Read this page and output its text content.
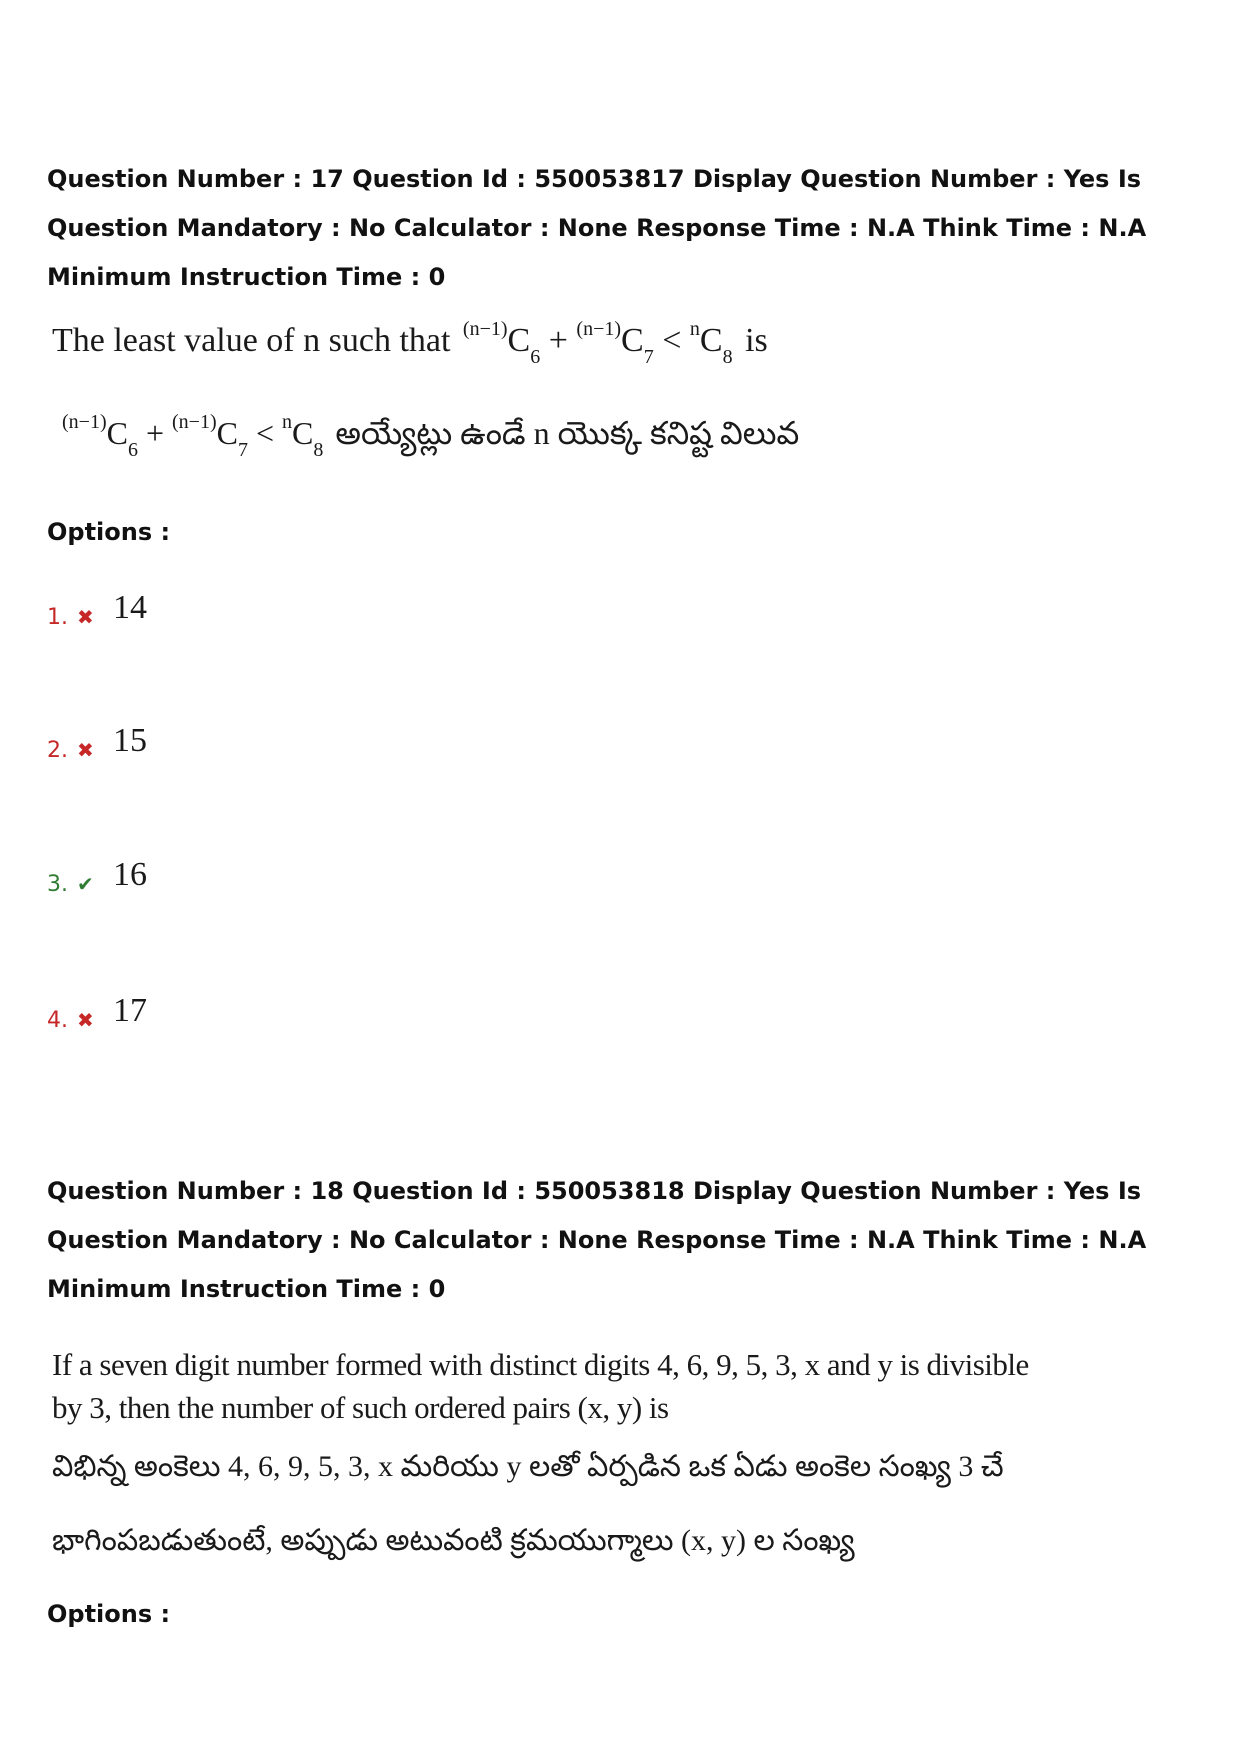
Question Number : 17 Question Id : 550053817 Display Question Number : Yes Is Question Mandatory : No Calculator : None Response Time : N.A Think Time : N.A Minimum Instruction Time : 0
The least value of n such that $^{(n-1)}C_6 + ^{(n-1)}C_7 < ^nC_8$ is
$^{(n-1)}C_6 + ^{(n-1)}C_7 < ^nC_8$ అయ్యేట్లు ఉండే n యొక్క కనిష్ట విలువ
Options :
1. ✖ 14
2. ✖ 15
3. ✔ 16
4. ✖ 17
Question Number : 18 Question Id : 550053818 Display Question Number : Yes Is Question Mandatory : No Calculator : None Response Time : N.A Think Time : N.A Minimum Instruction Time : 0
If a seven digit number formed with distinct digits 4, 6, 9, 5, 3, x and y is divisible
by 3, then the number of such ordered pairs (x, y) is
విభిన్న అంకెలు 4, 6, 9, 5, 3, x మరియు y లతో ఏర్పడిన ఒక ఏడు అంకెల సంఖ్య 3 చే
భాగింపబడుతుంటే, అప్పుడు అటువంటి క్రమయుగ్మాలు (x, y) ల సంఖ్య
Options :
